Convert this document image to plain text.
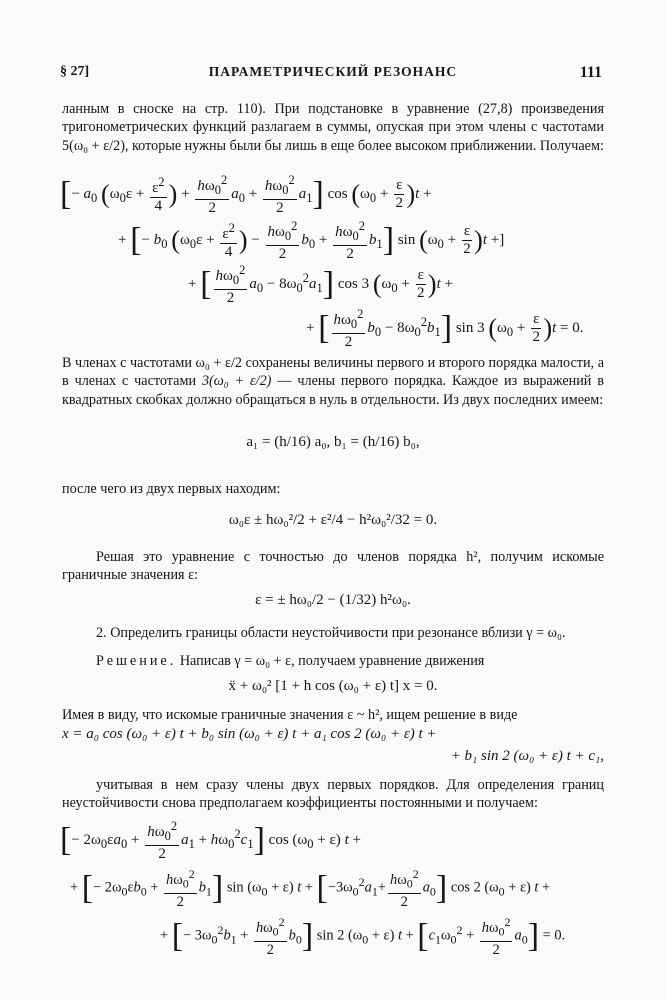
§ 27]	ПАРАМЕТРИЧЕСКИЙ РЕЗОНАНС	111
ланным в сноске на стр. 110). При подстановке в уравнение (27,8) произведения тригонометрических функций разлагаем в суммы, опуская при этом члены с частотами 5(ω₀ + ε/2), которые нужны были бы лишь в еще более высоком приближении. Получаем:
[− $a_0$ ($\omega_0\varepsilon + \frac{\varepsilon^2}{4}$ ) + $\frac{h\omega_0^2}{2} a_0 + \frac{h\omega_0^2}{2} a_1$] $\cos (\omega_0 + \frac{\varepsilon}{2} )t$ +
+ [− $b_0$ ($\omega_0\varepsilon + \frac{\varepsilon^2}{4}$ ) − $\frac{h\omega_0^2}{2} b_0 + \frac{h\omega_0^2}{2} b_1$] $\sin (\omega_0 + \frac{\varepsilon}{2} )t$ +]
+ [ $\frac{h\omega_0^2}{2} a_0 - 8\omega_0^2a_1$] cos 3 $(\omega_0 + \frac{\varepsilon}{2} )t$ +
+ [ $\frac{h\omega_0^2}{2} b_0 - 8\omega_0^2b_1$] sin 3 $(\omega_0 + \frac{\varepsilon}{2} )t = 0$.
В членах с частотами ω₀ + ε/2 сохранены величины первого и второго порядка малости, а в членах с частотами 3(ω₀ + ε/2) — члены первого порядка. Каждое из выражений в квадратных скобках должно обращаться в нуль в отдельности. Из двух последних имеем:
a₁ = (h/16) a₀, b₁ = (h/16) b₀,
после чего из двух первых находим:
ω₀ε ± hω₀²/2 + ε²/4 − h²ω₀²/32 = 0.
Решая это уравнение с точностью до членов порядка h², получим искомые граничные значения ε:
ε = ± hω₀/2 − (1/32) h²ω₀.
2. Определить границы области неустойчивости при резонансе вблизи γ = ω₀.
Решение. Написав γ = ω₀ + ε, получаем уравнение движения
ẍ + ω₀² [1 + h cos (ω₀ + ε) t] x = 0.
Имея в виду, что искомые граничные значения ε ~ h², ищем решение в виде
x = a₀ cos (ω₀ + ε) t + b₀ sin (ω₀ + ε) t + a₁ cos 2 (ω₀ + ε) t +
+ b₁ sin 2 (ω₀ + ε) t + c₁,
учитывая в нем сразу члены двух первых порядков. Для определения границ неустойчивости снова предполагаем коэффициенты постоянными и получаем:
[− $2\omega_0\varepsilon a_0 + \frac{h\omega_0^2}{2} a_1 + h\omega_0^2c_1$] $\cos (\omega_0 + \varepsilon) t$ +
+ [− $2\omega_0\varepsilon b_0 + \frac{h\omega_0^2}{2} b_1$] $\sin (\omega_0 + \varepsilon) t + [-3\omega_0^2a_1+ \frac{h\omega_0^2}{2} a_0]$ cos 2 $(\omega_0 + \varepsilon) t$ +
+ [− $3\omega_0^2b_1 + \frac{h\omega_0^2}{2} b_0$] sin 2 $(\omega_0 + \varepsilon) t + [c_1\omega_0^2 + \frac{h\omega_0^2}{2} a_0] = 0$.
